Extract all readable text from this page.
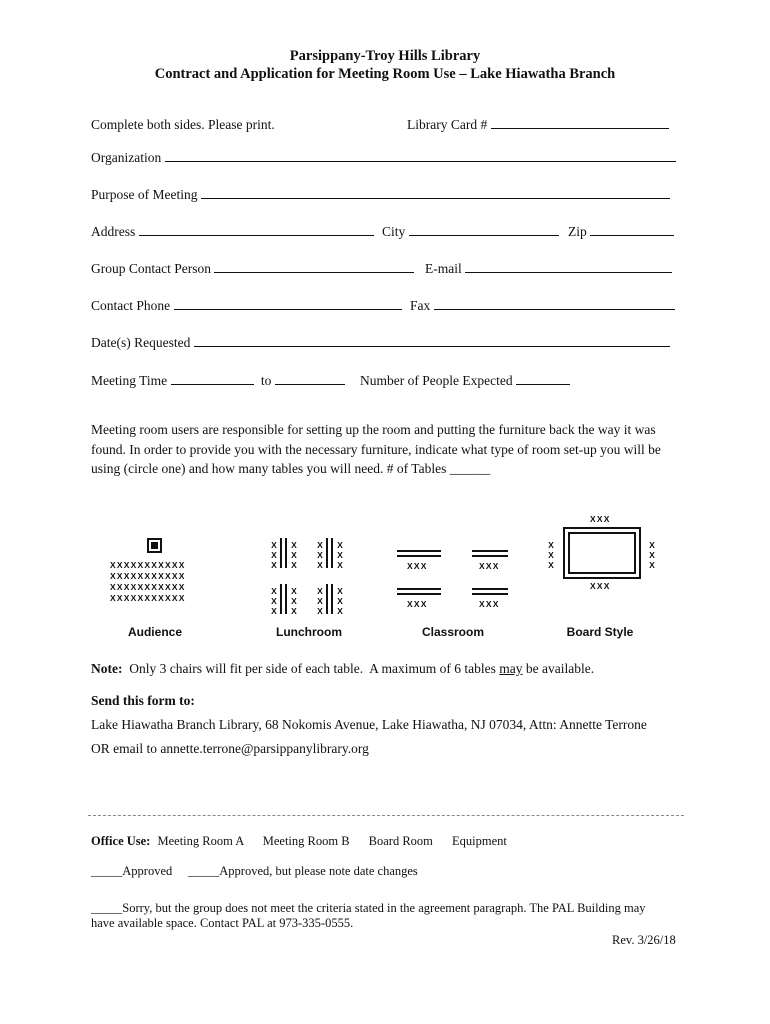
Parsippany-Troy Hills Library
Contract and Application for Meeting Room Use – Lake Hiawatha Branch
Complete both sides. Please print.	Library Card #
Organization
Purpose of Meeting
Address	City	Zip
Group Contact Person	E-mail
Contact Phone	Fax
Date(s) Requested
Meeting Time	to	Number of People Expected
Meeting room users are responsible for setting up the room and putting the furniture back the way it was
found. In order to provide you with the necessary furniture, indicate what type of room set-up you will be
using (circle one) and how many tables you will need. # of Tables ______
XXXXXXXXXXX
XXXXXXXXXXX
XXXXXXXXXXX
XXXXXXXXXXX
Audience
X
X
X
X
X
X
X
X
X
X
X
X
X
X
X
X
X
X
X
X
X
X
X
X
Lunchroom
XXX	XXX
XXX	XXX
Classroom
XXX
X
X
X
X
X
X
XXX
Board Style
Note:  Only 3 chairs will fit per side of each table.  A maximum of 6 tables may be available.
Send this form to:
Lake Hiawatha Branch Library, 68 Nokomis Avenue, Lake Hiawatha, NJ 07034, Attn: Annette Terrone
OR email to annette.terrone@parsippanylibrary.org
Office Use: Meeting Room A Meeting Room B Board Room Equipment
_____Approved _____Approved, but please note date changes
_____Sorry, but the group does not meet the criteria stated in the agreement paragraph. The PAL Building may
have available space. Contact PAL at 973-335-0555.
Rev. 3/26/18
